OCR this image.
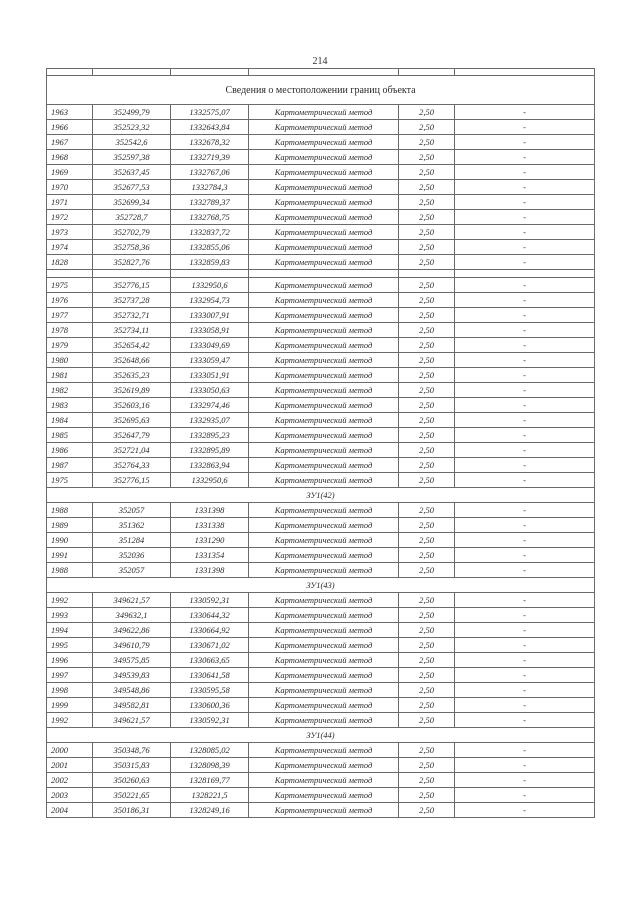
214

Сведения о местоположении границ объекта					
1963	352499,79	1332575,07	Картометрический метод	2,50	-
1966	352523,32	1332643,84	Картометрический метод	2,50	-
1967	352542,6	1332678,32	Картометрический метод	2,50	-
1968	352597,38	1332719,39	Картометрический метод	2,50	-
1969	352637,45	1332767,06	Картометрический метод	2,50	-
1970	352677,53	1332784,3	Картометрический метод	2,50	-
1971	352699,34	1332789,37	Картометрический метод	2,50	-
1972	352728,7	1332768,75	Картометрический метод	2,50	-
1973	352702,79	1332837,72	Картометрический метод	2,50	-
1974	352758,36	1332855,06	Картометрический метод	2,50	-
1828	352827,76	1332859,83	Картометрический метод	2,50	-

1975	352776,15	1332950,6	Картометрический метод	2,50	-
1976	352737,28	1332954,73	Картометрический метод	2,50	-
1977	352732,71	1333007,91	Картометрический метод	2,50	-
1978	352734,11	1333058,91	Картометрический метод	2,50	-
1979	352654,42	1333049,69	Картометрический метод	2,50	-
1980	352648,66	1333059,47	Картометрический метод	2,50	-
1981	352635,23	1333051,91	Картометрический метод	2,50	-
1982	352619,89	1333050,63	Картометрический метод	2,50	-
1983	352603,16	1332974,46	Картометрический метод	2,50	-
1984	352695,63	1332935,07	Картометрический метод	2,50	-
1985	352647,79	1332895,23	Картометрический метод	2,50	-
1986	352721,04	1332895,89	Картометрический метод	2,50	-
1987	352764,33	1332863,94	Картометрический метод	2,50	-
1975	352776,15	1332950,6	Картометрический метод	2,50	-
ЗУ1(42)					
1988	352057	1331398	Картометрический метод	2,50	-
1989	351362	1331338	Картометрический метод	2,50	-
1990	351284	1331290	Картометрический метод	2,50	-
1991	352036	1331354	Картометрический метод	2,50	-
1988	352057	1331398	Картометрический метод	2,50	-
ЗУ1(43)					
1992	349621,57	1330592,31	Картометрический метод	2,50	-
1993	349632,1	1330644,32	Картометрический метод	2,50	-
1994	349622,86	1330664,92	Картометрический метод	2,50	-
1995	349610,79	1330671,02	Картометрический метод	2,50	-
1996	349575,85	1330663,65	Картометрический метод	2,50	-
1997	349539,83	1330641,58	Картометрический метод	2,50	-
1998	349548,86	1330595,58	Картометрический метод	2,50	-
1999	349582,81	1330600,36	Картометрический метод	2,50	-
1992	349621,57	1330592,31	Картометрический метод	2,50	-
ЗУ1(44)					
2000	350348,76	1328085,02	Картометрический метод	2,50	-
2001	350315,83	1328098,39	Картометрический метод	2,50	-
2002	350260,63	1328169,77	Картометрический метод	2,50	-
2003	350221,65	1328221,5	Картометрический метод	2,50	-
2004	350186,31	1328249,16	Картометрический метод	2,50	-
